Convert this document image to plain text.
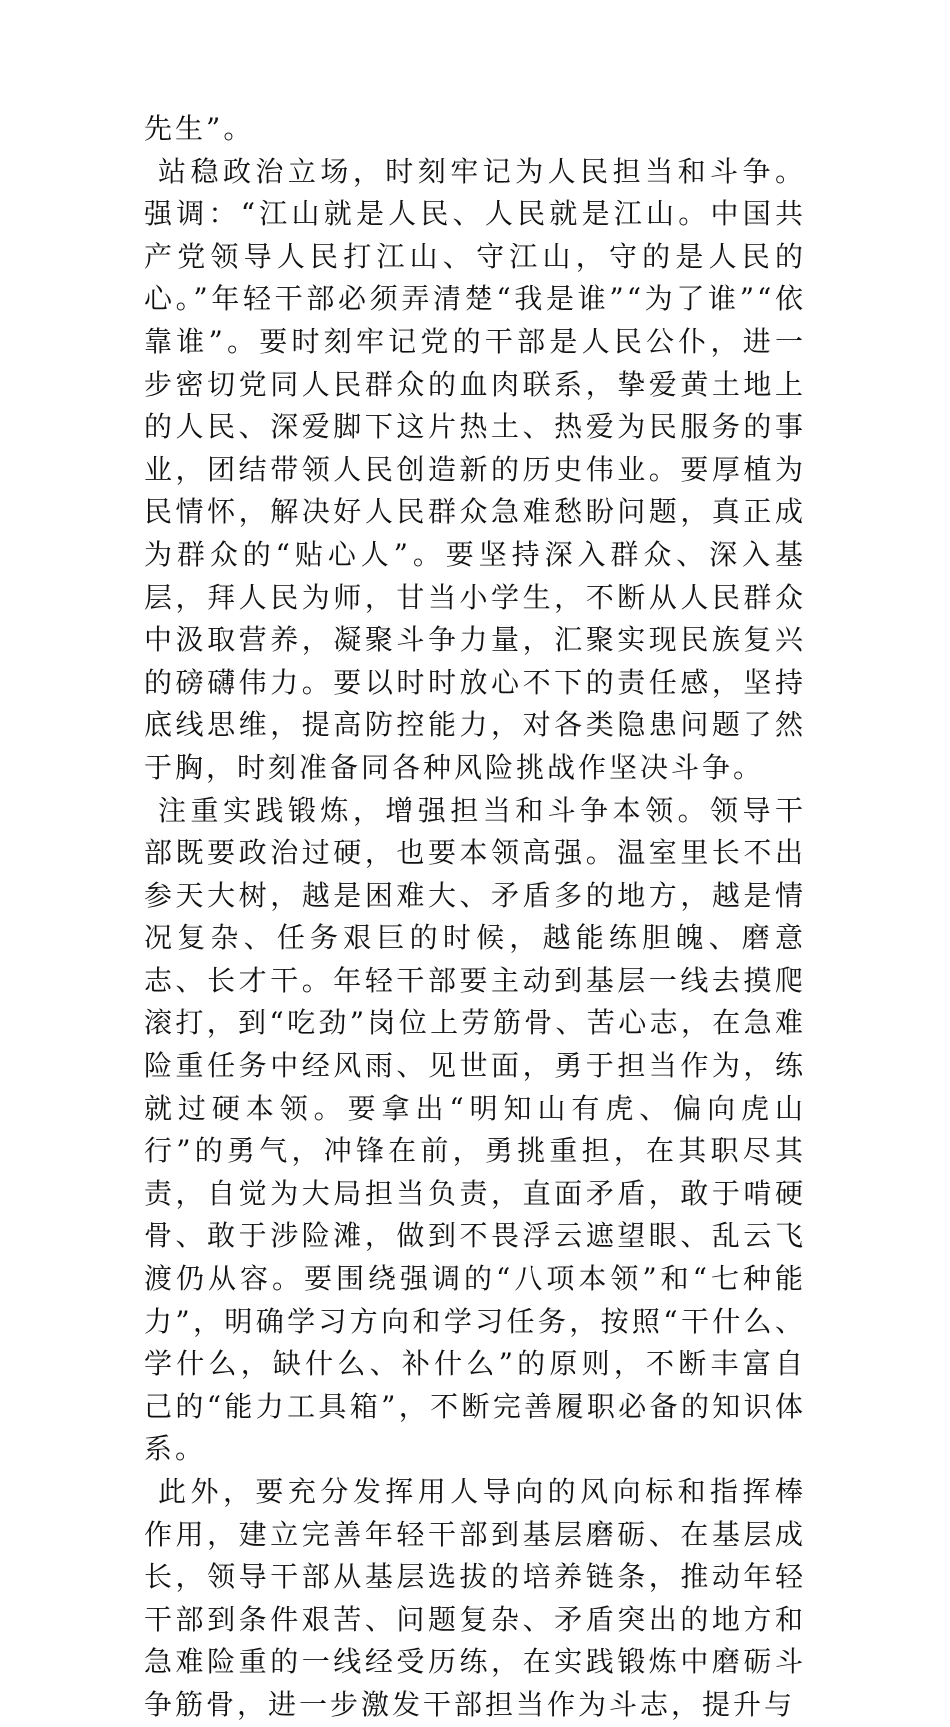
先生”。

站稳政治立场，时刻牢记为人民担当和斗争。强调：“江山就是人民、人民就是江山。中国共产党领导人民打江山、守江山，守的是人民的心。”年轻干部必须弄清楚“我是谁”“为了谁”“依靠谁”。要时刻牢记党的干部是人民公仆，进一步密切党同人民群众的血肉联系，挚爱黄土地上的人民、深爱脚下这片热土、热爱为民服务的事业，团结带领人民创造新的历史伟业。要厚植为民情怀，解决好人民群众急难愁盼问题，真正成为群众的“贴心人”。要坚持深入群众、深入基层，拜人民为师，甘当小学生，不断从人民群众中汲取营养，凝聚斗争力量，汇聚实现民族复兴的磅礴伟力。要以时时放心不下的责任感，坚持底线思维，提高防控能力，对各类隐患问题了然于胸，时刻准备同各种风险挑战作坚决斗争。

注重实践锻炼，增强担当和斗争本领。领导干部既要政治过硬，也要本领高强。温室里长不出参天大树，越是困难大、矛盾多的地方，越是情况复杂、任务艰巨的时候，越能练胆魄、磨意志、长才干。年轻干部要主动到基层一线去摸爬滚打，到“吃劲”岗位上劳筋骨、苦心志，在急难险重任务中经风雨、见世面，勇于担当作为，练就过硬本领。要拿出“明知山有虎、偏向虎山行”的勇气，冲锋在前，勇挑重担，在其职尽其责，自觉为大局担当负责，直面矛盾，敢于啃硬骨、敢于涉险滩，做到不畏浮云遮望眼、乱云飞渡仍从容。要围绕强调的“八项本领”和“七种能力”，明确学习方向和学习任务，按照“干什么、学什么，缺什么、补什么”的原则，不断丰富自己的“能力工具箱”，不断完善履职必备的知识体系。

此外，要充分发挥用人导向的风向标和指挥棒作用，建立完善年轻干部到基层磨砺、在基层成长，领导干部从基层选拔的培养链条，推动年轻干部到条件艰苦、问题复杂、矛盾突出的地方和急难险重的一线经受历练，在实践锻炼中磨砺斗争筋骨，进一步激发干部担当作为斗志，提升与
